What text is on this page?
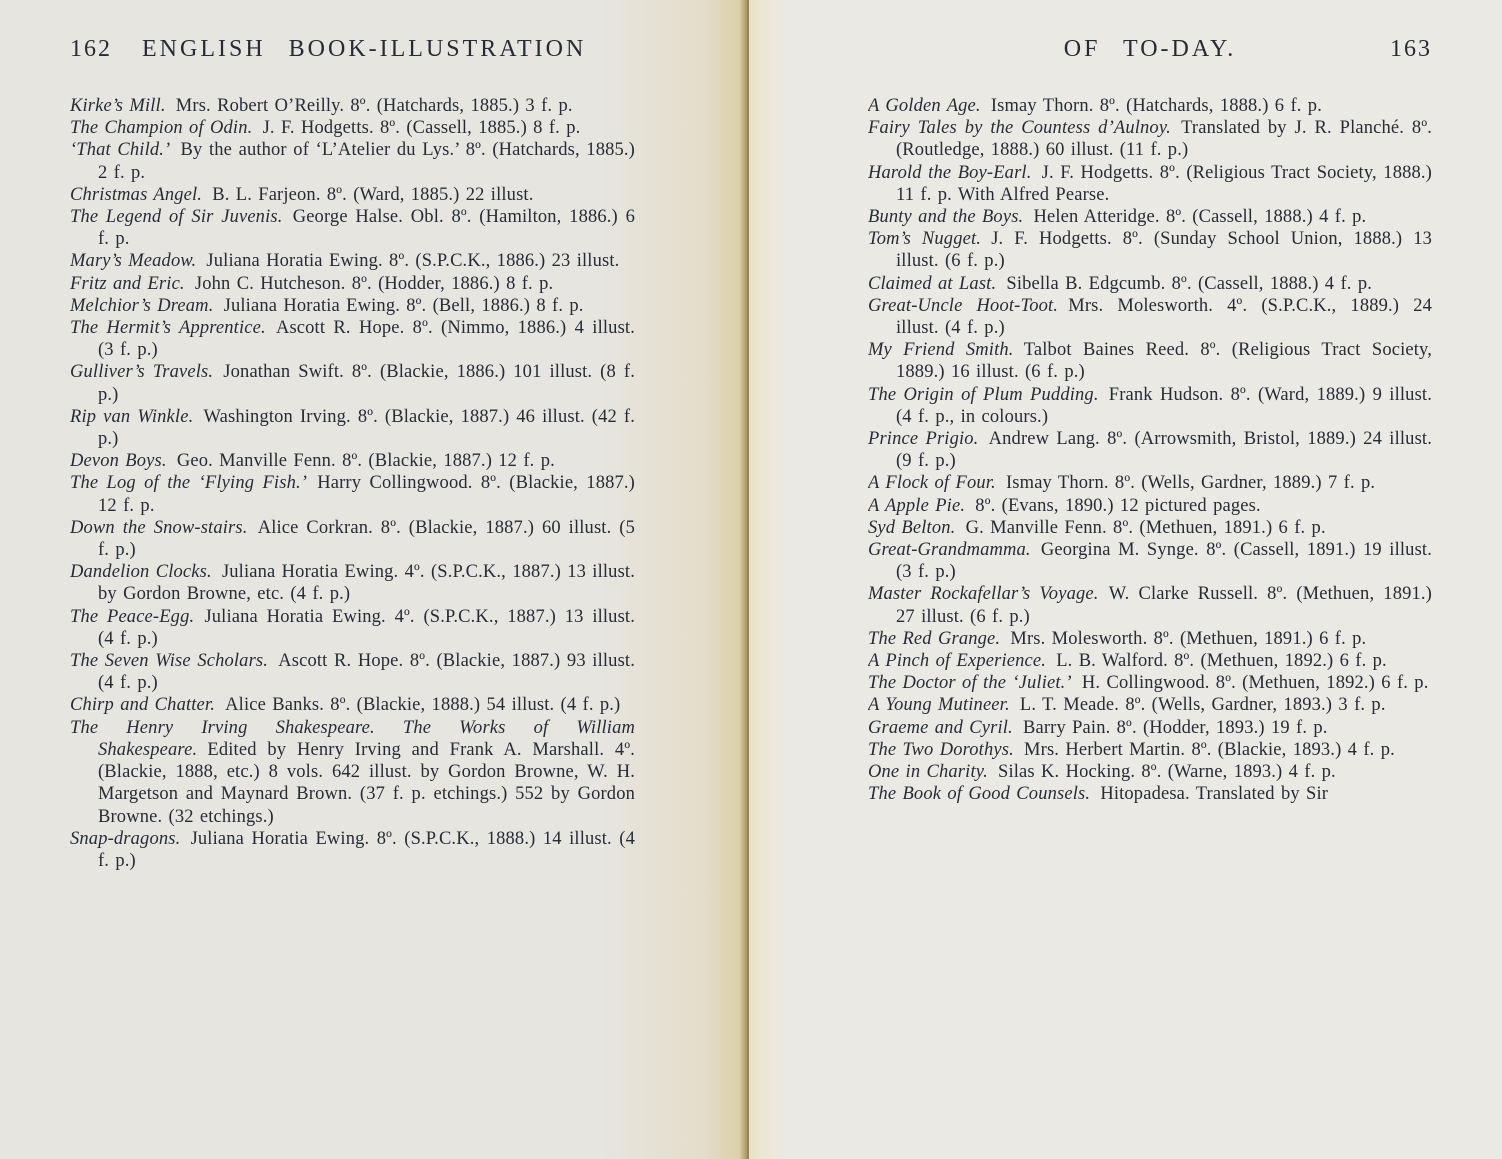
162	ENGLISH BOOK-ILLUSTRATION

Kirke’s Mill. Mrs. Robert O’Reilly. 8º. (Hatchards, 1885.) 3 f. p.

The Champion of Odin. J. F. Hodgetts. 8º. (Cassell, 1885.) 8 f. p.

‘That Child.’ By the author of ‘L’Atelier du Lys.’ 8º. (Hatchards, 1885.) 2 f. p.

Christmas Angel. B. L. Farjeon. 8º. (Ward, 1885.) 22 illust.

The Legend of Sir Juvenis. George Halse. Obl. 8º. (Hamilton, 1886.) 6 f. p.

Mary’s Meadow. Juliana Horatia Ewing. 8º. (S.P.C.K., 1886.) 23 illust.

Fritz and Eric. John C. Hutcheson. 8º. (Hodder, 1886.) 8 f. p.

Melchior’s Dream. Juliana Horatia Ewing. 8º. (Bell, 1886.) 8 f. p.

The Hermit’s Apprentice. Ascott R. Hope. 8º. (Nimmo, 1886.) 4 illust. (3 f. p.)

Gulliver’s Travels. Jonathan Swift. 8º. (Blackie, 1886.) 101 illust. (8 f. p.)

Rip van Winkle. Washington Irving. 8º. (Blackie, 1887.) 46 illust. (42 f. p.)

Devon Boys. Geo. Manville Fenn. 8º. (Blackie, 1887.) 12 f. p.

The Log of the ‘Flying Fish.’ Harry Collingwood. 8º. (Blackie, 1887.) 12 f. p.

Down the Snow-stairs. Alice Corkran. 8º. (Blackie, 1887.) 60 illust. (5 f. p.)

Dandelion Clocks. Juliana Horatia Ewing. 4º. (S.P.C.K., 1887.) 13 illust. by Gordon Browne, etc. (4 f. p.)

The Peace-Egg. Juliana Horatia Ewing. 4º. (S.P.C.K., 1887.) 13 illust. (4 f. p.)

The Seven Wise Scholars. Ascott R. Hope. 8º. (Blackie, 1887.) 93 illust. (4 f. p.)

Chirp and Chatter. Alice Banks. 8º. (Blackie, 1888.) 54 illust. (4 f. p.)

The Henry Irving Shakespeare. The Works of William Shakespeare. Edited by Henry Irving and Frank A. Marshall. 4º. (Blackie, 1888, etc.) 8 vols. 642 illust. by Gordon Browne, W. H. Margetson and Maynard Brown. (37 f. p. etchings.) 552 by Gordon Browne. (32 etchings.)

Snap-dragons. Juliana Horatia Ewing. 8º. (S.P.C.K., 1888.) 14 illust. (4 f. p.)

OF TO-DAY.	163

A Golden Age. Ismay Thorn. 8º. (Hatchards, 1888.) 6 f. p.

Fairy Tales by the Countess d’Aulnoy. Translated by J. R. Planché. 8º. (Routledge, 1888.) 60 illust. (11 f. p.)

Harold the Boy-Earl. J. F. Hodgetts. 8º. (Religious Tract Society, 1888.) 11 f. p. With Alfred Pearse.

Bunty and the Boys. Helen Atteridge. 8º. (Cassell, 1888.) 4 f. p.

Tom’s Nugget. J. F. Hodgetts. 8º. (Sunday School Union, 1888.) 13 illust. (6 f. p.)

Claimed at Last. Sibella B. Edgcumb. 8º. (Cassell, 1888.) 4 f. p.

Great-Uncle Hoot-Toot. Mrs. Molesworth. 4º. (S.P.C.K., 1889.) 24 illust. (4 f. p.)

My Friend Smith. Talbot Baines Reed. 8º. (Religious Tract Society, 1889.) 16 illust. (6 f. p.)

The Origin of Plum Pudding. Frank Hudson. 8º. (Ward, 1889.) 9 illust. (4 f. p., in colours.)

Prince Prigio. Andrew Lang. 8º. (Arrowsmith, Bristol, 1889.) 24 illust. (9 f. p.)

A Flock of Four. Ismay Thorn. 8º. (Wells, Gardner, 1889.) 7 f. p.

A Apple Pie. 8º. (Evans, 1890.) 12 pictured pages.

Syd Belton. G. Manville Fenn. 8º. (Methuen, 1891.) 6 f. p.

Great-Grandmamma. Georgina M. Synge. 8º. (Cassell, 1891.) 19 illust. (3 f. p.)

Master Rockafellar’s Voyage. W. Clarke Russell. 8º. (Methuen, 1891.) 27 illust. (6 f. p.)

The Red Grange. Mrs. Molesworth. 8º. (Methuen, 1891.) 6 f. p.

A Pinch of Experience. L. B. Walford. 8º. (Methuen, 1892.) 6 f. p.

The Doctor of the ‘Juliet.’ H. Collingwood. 8º. (Methuen, 1892.) 6 f. p.

A Young Mutineer. L. T. Meade. 8º. (Wells, Gardner, 1893.) 3 f. p.

Graeme and Cyril. Barry Pain. 8º. (Hodder, 1893.) 19 f. p.

The Two Dorothys. Mrs. Herbert Martin. 8º. (Blackie, 1893.) 4 f. p.

One in Charity. Silas K. Hocking. 8º. (Warne, 1893.) 4 f. p.

The Book of Good Counsels. Hitopadesa. Translated by Sir
